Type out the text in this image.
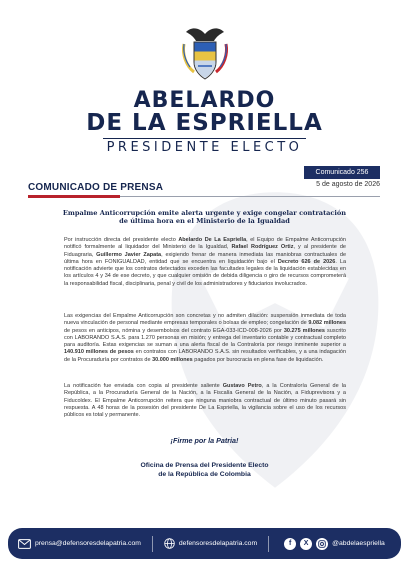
ABELARDO
DE LA ESPRIELLA
PRESIDENTE ELECTO
Comunicado 256
5 de agosto de 2026
COMUNICADO DE PRENSA
Empalme Anticorrupción emite alerta urgente y exige congelar contratación
de última hora en el Ministerio de la Igualdad
Por instrucción directa del presidente electo Abelardo De La Espriella, el Equipo de Empalme Anticorrupción notificó formalmente al liquidador del Ministerio de la Igualdad, Rafael Rodríguez Ortiz, y al presidente de Fiduagraria, Guillermo Javier Zapata, exigiendo frenar de manera inmediata las maniobras contractuales de última hora en FONIGUALDAD, entidad que se encuentra en liquidación bajo el Decreto 626 de 2026. La notificación advierte que los contratos detectados exceden las facultades legales de la liquidación establecidas en los artículos 4 y 34 de ese decreto, y que cualquier omisión de debida diligencia o giro de recursos comprometerá la responsabilidad fiscal, disciplinaria, penal y civil de los administradores y fiduciarios involucrados.
Las exigencias del Empalme Anticorrupción son concretas y no admiten dilación: suspensión inmediata de toda nueva vinculación de personal mediante empresas temporales o bolsas de empleo; congelación de 9.082 millones de pesos en anticipos, nómina y desembolsos del contrato EGA-033-ICD-008-2026 por 30.275 millones suscrito con LABORANDO S.A.S. para 1.270 personas en misión; y entrega del inventario contable y contractual completo para auditoría. Estas exigencias se suman a una alerta fiscal de la Contraloría por riesgo inminente superior a 140.910 millones de pesos en contratos con LABORANDO S.A.S. sin resultados verificables, y a una indagación de la Procuraduría por contratos de 30.000 millones pagados por burocracia en plena fase de liquidación.
La notificación fue enviada con copia al presidente saliente Gustavo Petro, a la Contraloría General de la República, a la Procuraduría General de la Nación, a la Fiscalía General de la Nación, a Fiduprevisora y a Fiducoldex. El Empalme Anticorrupción reitera que ninguna maniobra contractual de último minuto pasará sin respuesta. A 48 horas de la posesión del presidente De La Espriella, la vigilancia sobre el uso de los recursos públicos es total y permanente.
¡Firme por la Patria!
Oficina de Prensa del Presidente Electo
de la República de Colombia
prensa@defensoresdelapatria.com	defensoresdelapatria.com	f	X	@abdelaespriella
